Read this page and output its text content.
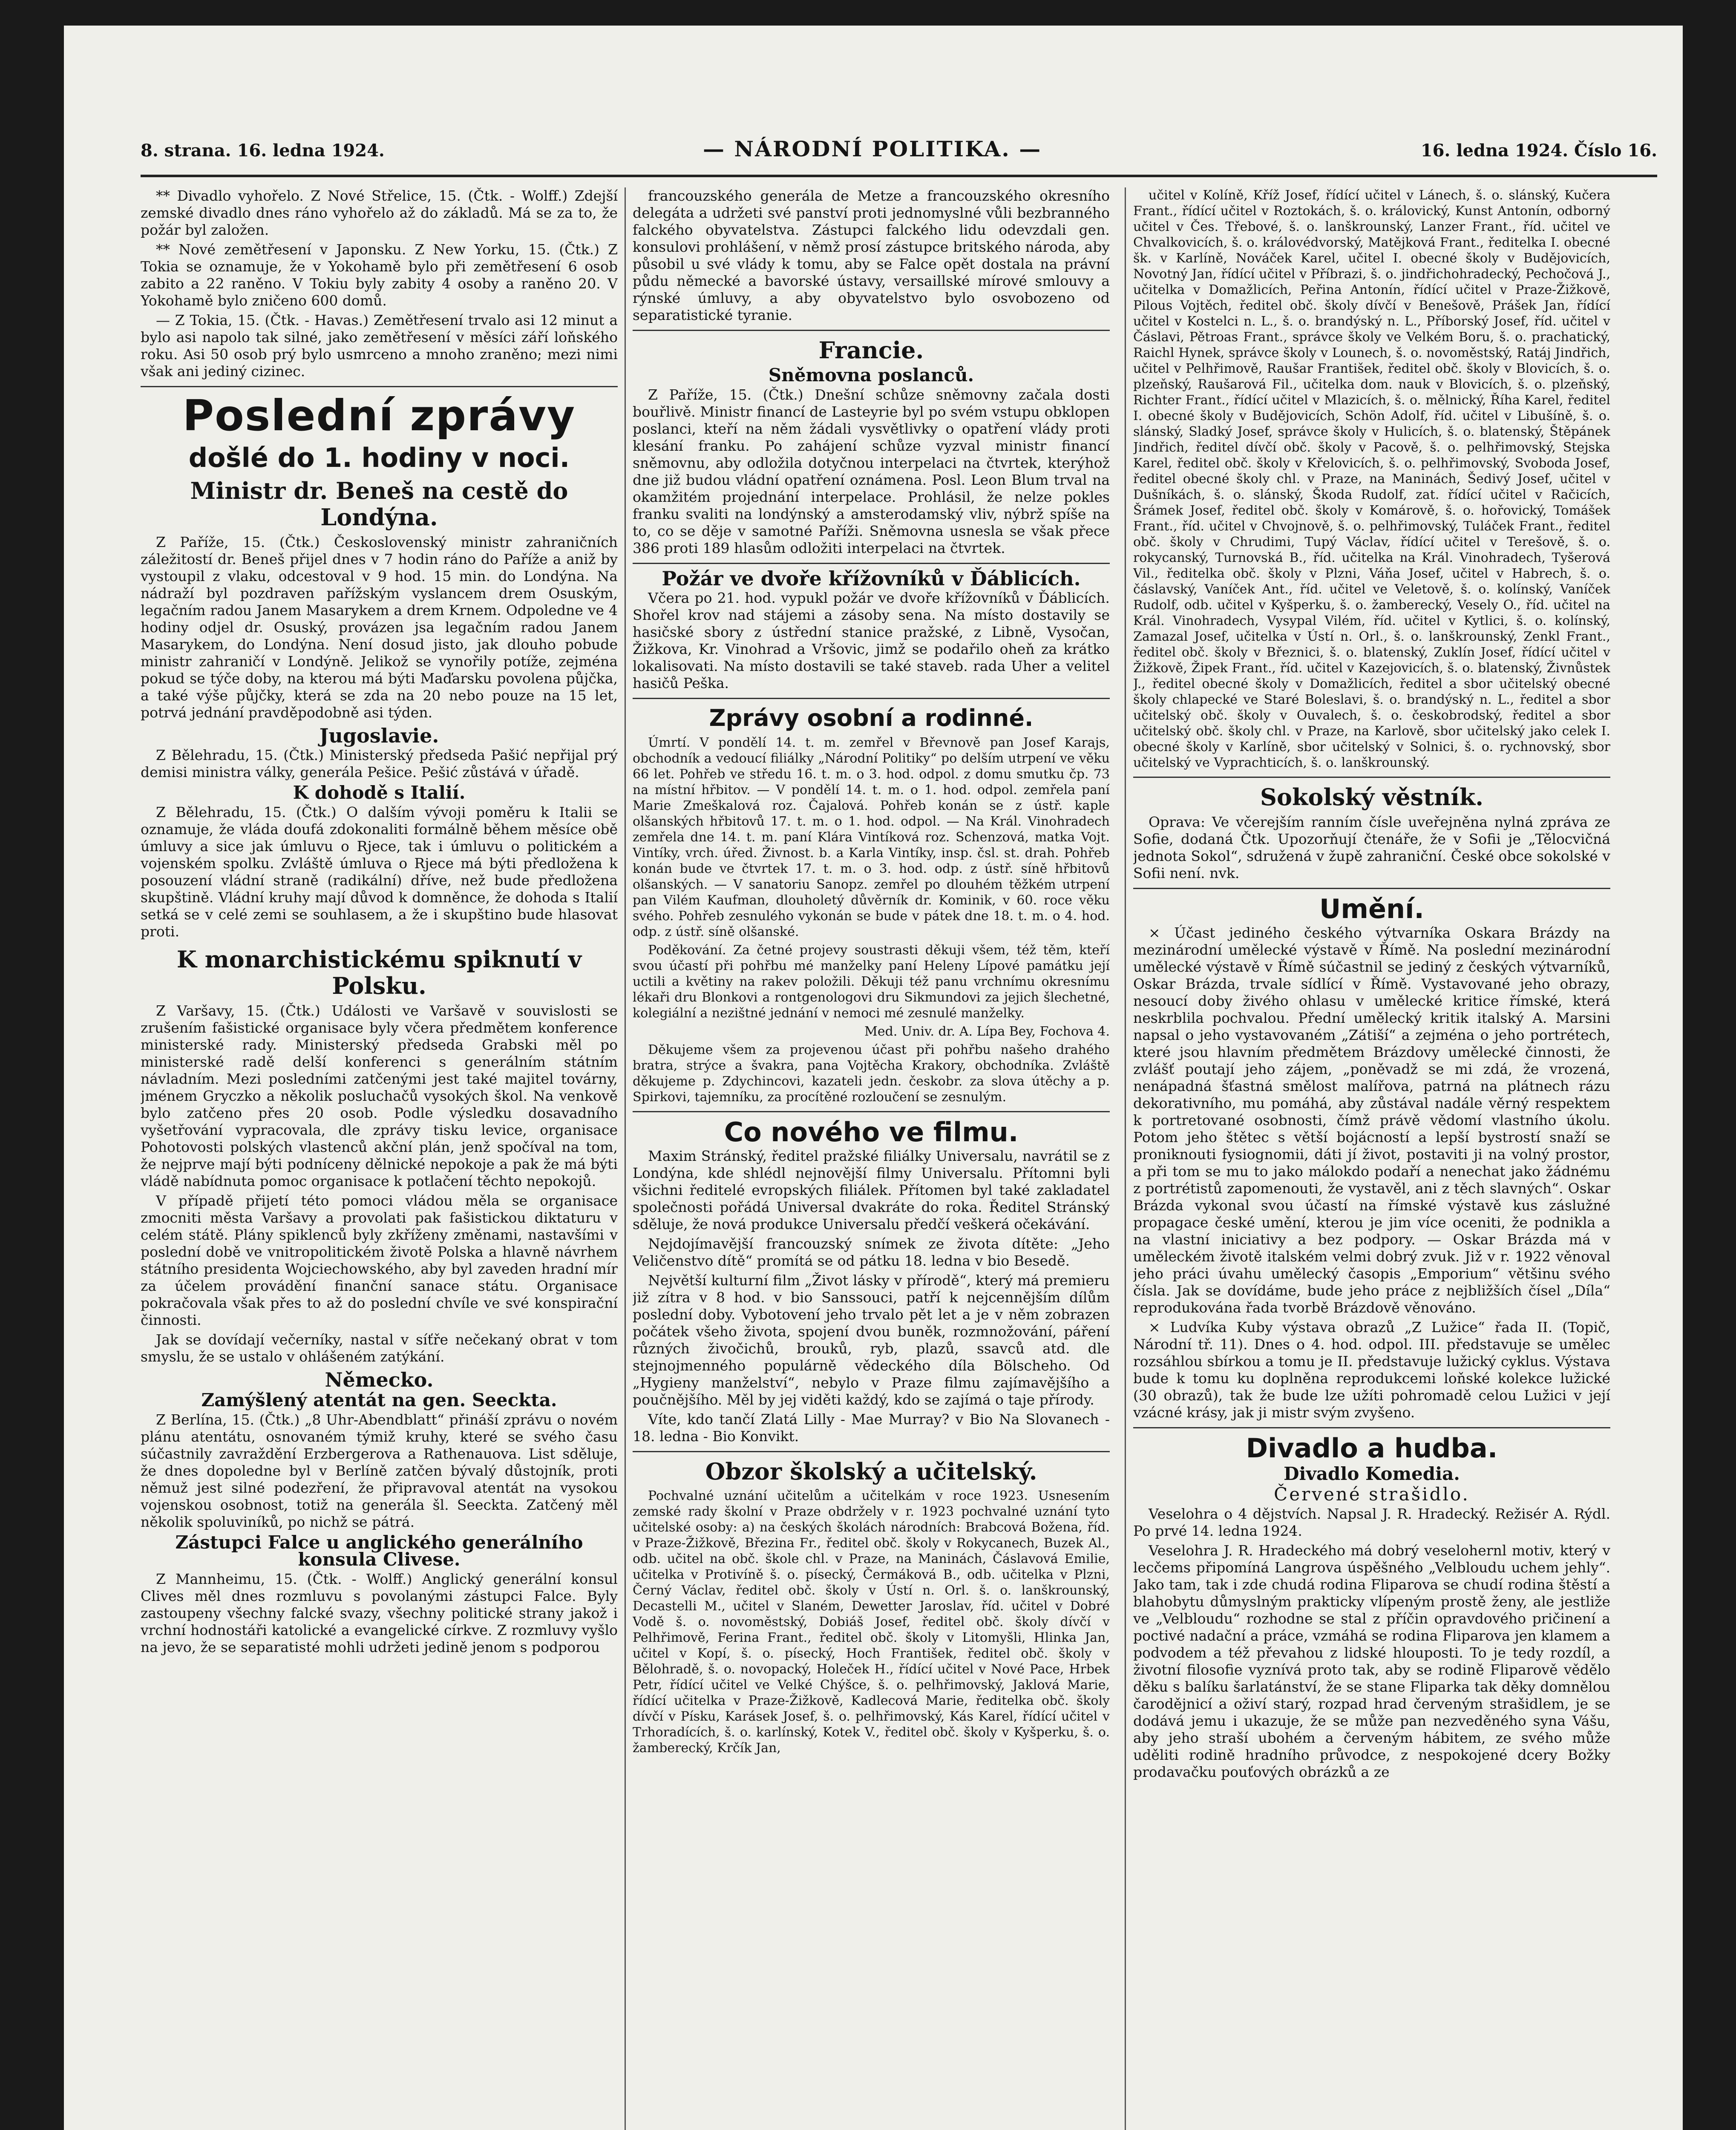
8. strana. 16. ledna 1924.	— NÁRODNÍ POLITIKA. —	16. ledna 1924. Číslo 16.

** Divadlo vyhořelo. Z Nové Střelice, 15. (Čtk. - Wolff.) Zdejší zemské divadlo dnes ráno vyhořelo až do základů. Má se za to, že požár byl založen.

** Nové zemětřesení v Japonsku. Z New Yorku, 15. (Čtk.) Z Tokia se oznamuje, že v Yokohamě bylo při zemětřesení 6 osob zabito a 22 raněno. V Tokiu byly zabity 4 osoby a raněno 20. V Yokohamě bylo zničeno 600 domů.

— Z Tokia, 15. (Čtk. - Havas.) Zemětřesení trvalo asi 12 minut a bylo asi napolo tak silné, jako zemětřesení v měsíci září loňského roku. Asi 50 osob prý bylo usmrceno a mnoho zraněno; mezi nimi však ani jediný cizinec.

Poslední zprávy
došlé do 1. hodiny v noci.
Ministr dr. Beneš na cestě do Londýna.

Z Paříže, 15. (Čtk.) Československý ministr zahraničních záležitostí dr. Beneš přijel dnes v 7 hodin ráno do Paříže a aniž by vystoupil z vlaku, odcestoval v 9 hod. 15 min. do Londýna. Na nádraží byl pozdraven pařížským vyslancem drem Osuským, legačním radou Janem Masarykem a drem Krnem. Odpoledne ve 4 hodiny odjel dr. Osuský, provázen jsa legačním radou Janem Masarykem, do Londýna. Není dosud jisto, jak dlouho pobude ministr zahraničí v Londýně. Jelikož se vynořily potíže, zejména pokud se týče doby, na kterou má býti Maďarsku povolena půjčka, a také výše půjčky, která se zda na 20 nebo pouze na 15 let, potrvá jednání pravděpodobně asi týden.

Jugoslavie.

Z Bělehradu, 15. (Čtk.) Ministerský předseda Pašić nepřijal prý demisi ministra války, generála Pešice. Pešić zůstává v úřadě.

K dohodě s Italií.

Z Bělehradu, 15. (Čtk.) O dalším vývoji poměru k Italii se oznamuje, že vláda doufá zdokonaliti formálně během měsíce obě úmluvy a sice jak úmluvu o Rjece, tak i úmluvu o politickém a vojenském spolku. Zvláště úmluva o Rjece má býti předložena k posouzení vládní straně (radikální) dříve, než bude předložena skupštině. Vládní kruhy mají důvod k domněnce, že dohoda s Italií setká se v celé zemi se souhlasem, a že i skupštino bude hlasovat proti.

K monarchistickému spiknutí v Polsku.

Z Varšavy, 15. (Čtk.) Události ve Varšavě v souvislosti se zrušením fašistické organisace byly včera předmětem konference ministerské rady. Ministerský předseda Grabski měl po ministerské radě delší konferenci s generálním státním návladním. Mezi posledními zatčenými jest také majitel továrny, jménem Gryczko a několik posluchačů vysokých škol. Na venkově bylo zatčeno přes 20 osob. Podle výsledku dosavadního vyšetřování vypracovala, dle zprávy tisku levice, organisace Pohotovosti polských vlastenců akční plán, jenž spočíval na tom, že nejprve mají býti podníceny dělnické nepokoje a pak že má býti vládě nabídnuta pomoc organisace k potlačení těchto nepokojů.

V případě přijetí této pomoci vládou měla se organisace zmocniti města Varšavy a provolati pak fašistickou diktaturu v celém státě. Plány spiklenců byly zkříženy změnami, nastavšími v poslední době ve vnitropolitickém životě Polska a hlavně návrhem státního presidenta Wojciechowského, aby byl zaveden hradní mír za účelem provádění finanční sanace státu. Organisace pokračovala však přes to až do poslední chvíle ve své konspirační činnosti.

Jak se dovídají večerníky, nastal v síťře nečekaný obrat v tom smyslu, že se ustalo v ohlášeném zatýkání.

Německo.
Zamýšlený atentát na gen. Seeckta.

Z Berlína, 15. (Čtk.) „8 Uhr-Abendblatt“ přináší zprávu o novém plánu atentátu, osnovaném týmiž kruhy, které se svého času súčastnily zavraždění Erzbergerova a Rathenauova. List sděluje, že dnes dopoledne byl v Berlíně zatčen bývalý důstojník, proti němuž jest silné podezření, že připravoval atentát na vysokou vojenskou osobnost, totiž na generála šl. Seeckta. Zatčený měl několik spoluviníků, po nichž se pátrá.

Zástupci Falce u anglického generálního konsula Clivese.

Z Mannheimu, 15. (Čtk. - Wolff.) Anglický generální konsul Clives měl dnes rozmluvu s povolanými zástupci Falce. Byly zastoupeny všechny falcké svazy, všechny politické strany jakož i vrchní hodnostáři katolické a evangelické církve. Z rozmluvy vyšlo na jevo, že se separatisté mohli udržeti jedině jenom s podporou

francouzského generála de Metze a francouzského okresního delegáta a udržeti své panství proti jednomyslné vůli bezbranného falckého obyvatelstva. Zástupci falckého lidu odevzdali gen. konsulovi prohlášení, v němž prosí zástupce britského národa, aby působil u své vlády k tomu, aby se Falce opět dostala na právní půdu německé a bavorské ústavy, versaillské mírové smlouvy a rýnské úmluvy, a aby obyvatelstvo bylo osvobozeno od separatistické tyranie.

Francie.
Sněmovna poslanců.

Z Paříže, 15. (Čtk.) Dnešní schůze sněmovny začala dosti bouřlivě. Ministr financí de Lasteyrie byl po svém vstupu obklopen poslanci, kteří na něm žádali vysvětlivky o opatření vlády proti klesání franku. Po zahájení schůze vyzval ministr financí sněmovnu, aby odložila dotyčnou interpelaci na čtvrtek, kterýhož dne již budou vládní opatření oznámena. Posl. Leon Blum trval na okamžitém projednání interpelace. Prohlásil, že nelze pokles franku svaliti na londýnský a amsterodamský vliv, nýbrž spíše na to, co se děje v samotné Paříži. Sněmovna usnesla se však přece 386 proti 189 hlasům odložiti interpelaci na čtvrtek.

Požár ve dvoře křížovníků v Ďáblicích.

Včera po 21. hod. vypukl požár ve dvoře křížovníků v Ďáblicích. Shořel krov nad stájemi a zásoby sena. Na místo dostavily se hasičské sbory z ústřední stanice pražské, z Libně, Vysočan, Žižkova, Kr. Vinohrad a Vršovic, jimž se podařilo oheň za krátko lokalisovati. Na místo dostavili se také staveb. rada Uher a velitel hasičů Peška.

Zprávy osobní a rodinné.

Úmrtí. V pondělí 14. t. m. zemřel v Břevnově pan Josef Karajs, obchodník a vedoucí filiálky „Národní Politiky“ po delším utrpení ve věku 66 let. Pohřeb ve středu 16. t. m. o 3. hod. odpol. z domu smutku čp. 73 na místní hřbitov. — V pondělí 14. t. m. o 1. hod. odpol. zemřela paní Marie Zmeškalová roz. Čajalová. Pohřeb konán se z ústř. kaple olšanských hřbitovů 17. t. m. o 1. hod. odpol. — Na Král. Vinohradech zemřela dne 14. t. m. paní Klára Vintíková roz. Schenzová, matka Vojt. Vintíky, vrch. úřed. Živnost. b. a Karla Vintíky, insp. čsl. st. drah. Pohřeb konán bude ve čtvrtek 17. t. m. o 3. hod. odp. z ústř. síně hřbitovů olšanských. — V sanatoriu Sanopz. zemřel po dlouhém těžkém utrpení pan Vilém Kaufman, dlouholetý důvěrník dr. Kominik, v 60. roce věku svého. Pohřeb zesnulého vykonán se bude v pátek dne 18. t. m. o 4. hod. odp. z ústř. síně olšanské.

Poděkování. Za četné projevy soustrasti děkuji všem, též těm, kteří svou účastí při pohřbu mé manželky paní Heleny Lípové památku její uctili a květiny na rakev položili. Děkuji též panu vrchnímu okresnímu lékaři dru Blonkovi a rontgenologovi dru Sikmundovi za jejich šlechetné, kolegiální a nezištné jednání v nemoci mé zesnulé manželky.

Med. Univ. dr. A. Lípa Bey, Fochova 4.

Děkujeme všem za projevenou účast při pohřbu našeho drahého bratra, strýce a švakra, pana Vojtěcha Krakory, obchodníka. Zvláště děkujeme p. Zdychincovi, kazateli jedn. českobr. za slova útěchy a p. Spirkovi, tajemníku, za procítěné rozloučení se zesnulým.

Co nového ve filmu.

Maxim Stránský, ředitel pražské filiálky Universalu, navrátil se z Londýna, kde shlédl nejnovější filmy Universalu. Přítomni byli všichni ředitelé evropských filiálek. Přítomen byl také zakladatel společnosti pořádá Universal dvakráte do roka. Ředitel Stránský sděluje, že nová produkce Universalu předčí veškerá očekávání.

Nejdojímavější francouzský snímek ze života dítěte: „Jeho Veličenstvo dítě“ promítá se od pátku 18. ledna v bio Besedě.

Největší kulturní film „Život lásky v přírodě“, který má premieru již zítra v 8 hod. v bio Sanssouci, patří k nejcennějším dílům poslední doby. Vybotovení jeho trvalo pět let a je v něm zobrazen počátek všeho života, spojení dvou buněk, rozmnožování, páření různých živočichů, brouků, ryb, plazů, ssavců atd. dle stejnojmenného populárně vědeckého díla Bölscheho. Od „Hygieny manželství“, nebylo v Praze filmu zajímavějšího a poučnějšího. Měl by jej viděti každý, kdo se zajímá o taje přírody.

Víte, kdo tančí Zlatá Lilly - Mae Murray? v Bio Na Slovanech - 18. ledna - Bio Konvikt.

Obzor školský a učitelský.

Pochvalné uznání učitelům a učitelkám v roce 1923. Usnesením zemské rady školní v Praze obdržely v r. 1923 pochvalné uznání tyto učitelské osoby: a) na českých školách národních: Brabcová Božena, říd. v Praze-Žižkově, Březina Fr., ředitel obč. školy v Rokycanech, Buzek Al., odb. učitel na obč. škole chl. v Praze, na Maninách, Čáslavová Emilie, učitelka v Protivíně š. o. písecký, Čermáková B., odb. učitelka v Plzni, Černý Václav, ředitel obč. školy v Ústí n. Orl. š. o. lanškrounský, Decastelli M., učitel v Slaném, Dewetter Jaroslav, říd. učitel v Dobré Vodě š. o. novoměstský, Dobiáš Josef, ředitel obč. školy dívčí v Pelhřimově, Ferina Frant., ředitel obč. školy v Litomyšli, Hlinka Jan, učitel v Kopí, š. o. písecký, Hoch František, ředitel obč. školy v Bělohradě, š. o. novopacký, Holeček H., řídící učitel v Nové Pace, Hrbek Petr, řídící učitel ve Velké Chýšce, š. o. pelhřimovský, Jaklová Marie, řídící učitelka v Praze-Žižkově, Kadlecová Marie, ředitelka obč. školy dívčí v Písku, Karásek Josef, š. o. pelhřimovský, Kás Karel, řídící učitel v Trhoradících, š. o. karlínský, Kotek V., ředitel obč. školy v Kyšperku, š. o. žamberecký, Krčík Jan,

učitel v Kolíně, Kříž Josef, řídící učitel v Lánech, š. o. slánský, Kučera Frant., řídící učitel v Roztokách, š. o. královický, Kunst Antonín, odborný učitel v Čes. Třebové, š. o. lanškrounský, Lanzer Frant., říd. učitel ve Chvalkovicích, š. o. královédvorský, Matějková Frant., ředitelka I. obecné šk. v Karlíně, Nováček Karel, učitel I. obecné školy v Budějovicích, Novotný Jan, řídící učitel v Příbrazi, š. o. jindřichohradecký, Pechočová J., učitelka v Domažlicích, Peřina Antonín, řídící učitel v Praze-Žižkově, Pilous Vojtěch, ředitel obč. školy dívčí v Benešově, Prášek Jan, řídící učitel v Kostelci n. L., š. o. brandýský n. L., Příborský Josef, říd. učitel v Čáslavi, Pětroas Frant., správce školy ve Velkém Boru, š. o. prachatický, Raichl Hynek, správce školy v Lounech, š. o. novoměstský, Ratáj Jindřich, učitel v Pelhřimově, Raušar František, ředitel obč. školy v Blovicích, š. o. plzeňský, Raušarová Fil., učitelka dom. nauk v Blovicích, š. o. plzeňský, Richter Frant., řídící učitel v Mlazicích, š. o. mělnický, Říha Karel, ředitel I. obecné školy v Budějovicích, Schön Adolf, říd. učitel v Libušíně, š. o. slánský, Sladký Josef, správce školy v Hulicích, š. o. blatenský, Štěpánek Jindřich, ředitel dívčí obč. školy v Pacově, š. o. pelhřimovský, Stejska Karel, ředitel obč. školy v Křelovicích, š. o. pelhřimovský, Svoboda Josef, ředitel obecné školy chl. v Praze, na Maninách, Šedivý Josef, učitel v Dušníkách, š. o. slánský, Škoda Rudolf, zat. řídící učitel v Račicích, Šrámek Josef, ředitel obč. školy v Komárově, š. o. hořovický, Tomášek Frant., říd. učitel v Chvojnově, š. o. pelhřimovský, Tuláček Frant., ředitel obč. školy v Chrudimi, Tupý Václav, řídící učitel v Terešově, š. o. rokycanský, Turnovská B., říd. učitelka na Král. Vinohradech, Tyšerová Vil., ředitelka obč. školy v Plzni, Váňa Josef, učitel v Habrech, š. o. čáslavský, Vaníček Ant., říd. učitel ve Veletově, š. o. kolínský, Vaníček Rudolf, odb. učitel v Kyšperku, š. o. žamberecký, Vesely O., říd. učitel na Král. Vinohradech, Vysypal Vilém, říd. učitel v Kytlici, š. o. kolínský, Zamazal Josef, učitelka v Ústí n. Orl., š. o. lanškrounský, Zenkl Frant., ředitel obč. školy v Březnici, š. o. blatenský, Zuklín Josef, řídící učitel v Žižkově, Žipek Frant., říd. učitel v Kazejovicích, š. o. blatenský, Živnůstek J., ředitel obecné školy v Domažlicích, ředitel a sbor učitelský obecné školy chlapecké ve Staré Boleslavi, š. o. brandýský n. L., ředitel a sbor učitelský obč. školy v Ouvalech, š. o. českobrodský, ředitel a sbor učitelský obč. školy chl. v Praze, na Karlově, sbor učitelský jako celek I. obecné školy v Karlíně, sbor učitelský v Solnici, š. o. rychnovský, sbor učitelský ve Vyprachticích, š. o. lanškrounský.

Sokolský věstník.

Oprava: Ve včerejším ranním čísle uveřejněna nylná zpráva ze Sofie, dodaná Čtk. Upozorňují čtenáře, že v Sofii je „Tělocvičná jednota Sokol“, sdružená v župě zahraniční. České obce sokolské v Sofii není. nvk.

Umění.

× Účast jediného českého výtvarníka Oskara Brázdy na mezinárodní umělecké výstavě v Římě. Na poslední mezinárodní umělecké výstavě v Římě súčastnil se jediný z českých výtvarníků, Oskar Brázda, trvale sídlící v Římě. Vystavované jeho obrazy, nesoucí doby živého ohlasu v umělecké kritice římské, která neskrblila pochvalou. Přední umělecký kritik italský A. Marsini napsal o jeho vystavovaném „Zátiší“ a zejména o jeho portrétech, které jsou hlavním předmětem Brázdovy umělecké činnosti, že zvlášť poutají jeho zájem, „poněvadž se mi zdá, že vrozená, nenápadná šťastná smělost malířova, patrná na plátnech rázu dekorativního, mu pomáhá, aby zůstával nadále věrný respektem k portretované osobnosti, čímž právě vědomí vlastního úkolu. Potom jeho štětec s větší bojácností a lepší bystrostí snaží se proniknouti fysiognomii, dáti jí život, postaviti ji na volný prostor, a při tom se mu to jako málokdo podaří a nenechat jako žádnému z portrétistů zapomenouti, že vystavěl, ani z těch slavných“. Oskar Brázda vykonal svou účastí na římské výstavě kus záslužné propagace české umění, kterou je jim více oceniti, že podnikla a na vlastní iniciativy a bez podpory. — Oskar Brázda má v uměleckém životě italském velmi dobrý zvuk. Již v r. 1922 věnoval jeho práci úvahu umělecký časopis „Emporium“ většinu svého čísla. Jak se dovídáme, bude jeho práce z nejbližších čísel „Díla“ reprodukována řada tvorbě Brázdově věnováno.

× Ludvíka Kuby výstava obrazů „Z Lužice“ řada II. (Topič, Národní tř. 11). Dnes o 4. hod. odpol. III. představuje se umělec rozsáhlou sbírkou a tomu je II. představuje lužický cyklus. Výstava bude k tomu ku doplněna reprodukcemi loňské kolekce lužické (30 obrazů), tak že bude lze užíti pohromadě celou Lužici v její vzácné krásy, jak ji mistr svým zvyšeno.

Divadlo a hudba.
Divadlo Komedia.
Červené strašidlo.

Veselohra o 4 dějstvích. Napsal J. R. Hradecký. Režisér A. Rýdl. Po prvé 14. ledna 1924.

Veselohra J. R. Hradeckého má dobrý veselohernl motiv, který v lecčems připomíná Langrova úspěšného „Velbloudu uchem jehly“. Jako tam, tak i zde chudá rodina Fliparova se chudí rodina štěstí a blahobytu důmyslným prakticky vlípeným prostě ženy, ale jestliže ve „Velbloudu“ rozhodne se stal z příčin opravdového pričinení a poctivé nadační a práce, vzmáhá se rodina Fliparova jen klamem a podvodem a též převahou z lidské hlouposti. To je tedy rozdíl, a životní filosofie vyznívá proto tak, aby se rodině Fliparově vědělo děku s balíku šarlatánství, že se stane Fliparka tak děky domnělou čarodějnicí a oživí starý, rozpad hrad červeným strašidlem, je se dodává jemu i ukazuje, že se může pan nezveděného syna Vášu, aby jeho straší ubohém a červeným hábitem, ze svého může uděliti rodině hradního průvodce, z nespokojené dcery Božky prodavačku pouťových obrázků a ze
